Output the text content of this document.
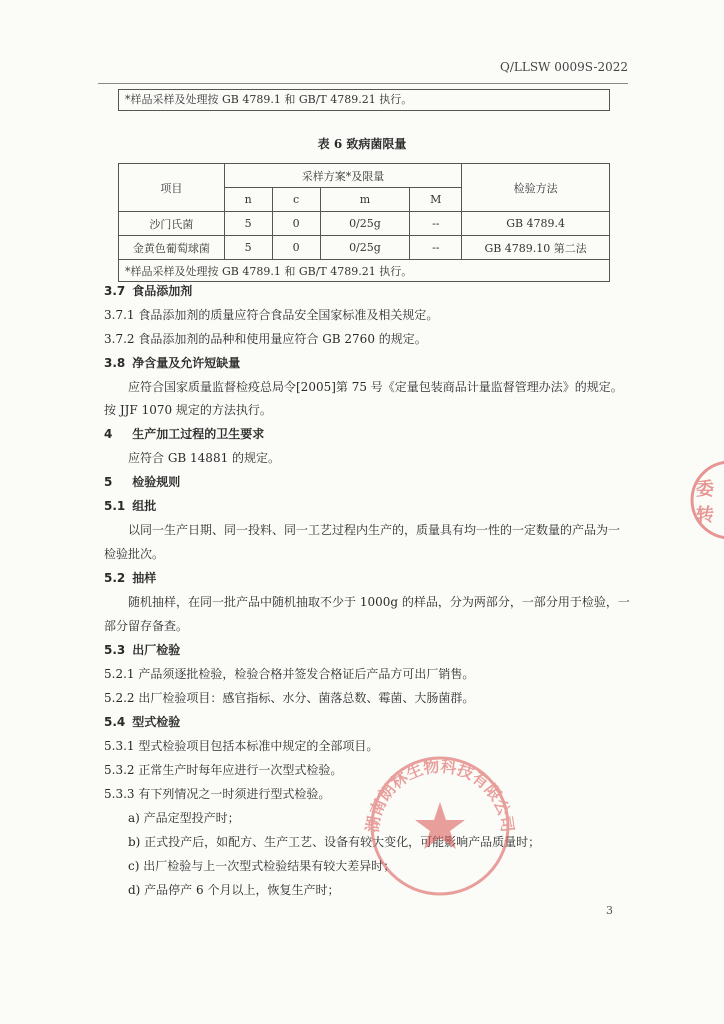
Q/LLSW 0009S-2022
*样品采样及处理按 GB 4789.1 和 GB/T 4789.21 执行。
表 6 致病菌限量
项目	采样方案*及限量				检验方法
	n	c	m	M	
沙门氏菌	5	0	0/25g	--	GB 4789.4
金黄色葡萄球菌	5	0	0/25g	--	GB 4789.10 第二法
*样品采样及处理按 GB 4789.1 和 GB/T 4789.21 执行。					
3.7 食品添加剂
3.7.1 食品添加剂的质量应符合食品安全国家标准及相关规定。
3.7.2 食品添加剂的品种和使用量应符合 GB 2760 的规定。
3.8 净含量及允许短缺量
应符合国家质量监督检疫总局令[2005]第 75 号《定量包装商品计量监督管理办法》的规定。
按 JJF 1070 规定的方法执行。
4 生产加工过程的卫生要求
应符合 GB 14881 的规定。
5 检验规则
5.1 组批
以同一生产日期、同一投料、同一工艺过程内生产的，质量具有均一性的一定数量的产品为一
检验批次。
5.2 抽样
随机抽样，在同一批产品中随机抽取不少于 1000g 的样品，分为两部分，一部分用于检验，一
部分留存备查。
5.3 出厂检验
5.2.1 产品须逐批检验，检验合格并签发合格证后产品方可出厂销售。
5.2.2 出厂检验项目：感官指标、水分、菌落总数、霉菌、大肠菌群。
5.4 型式检验
5.3.1 型式检验项目包括本标准中规定的全部项目。
5.3.2 正常生产时每年应进行一次型式检验。
5.3.3 有下列情况之一时须进行型式检验。
a) 产品定型投产时；
b) 正式投产后，如配方、生产工艺、设备有较大变化，可能影响产品质量时；
c) 出厂检验与上一次型式检验结果有较大差异时；
d) 产品停产 6 个月以上，恢复生产时；
3
湖南朗林生物科技有限公司
委
转
